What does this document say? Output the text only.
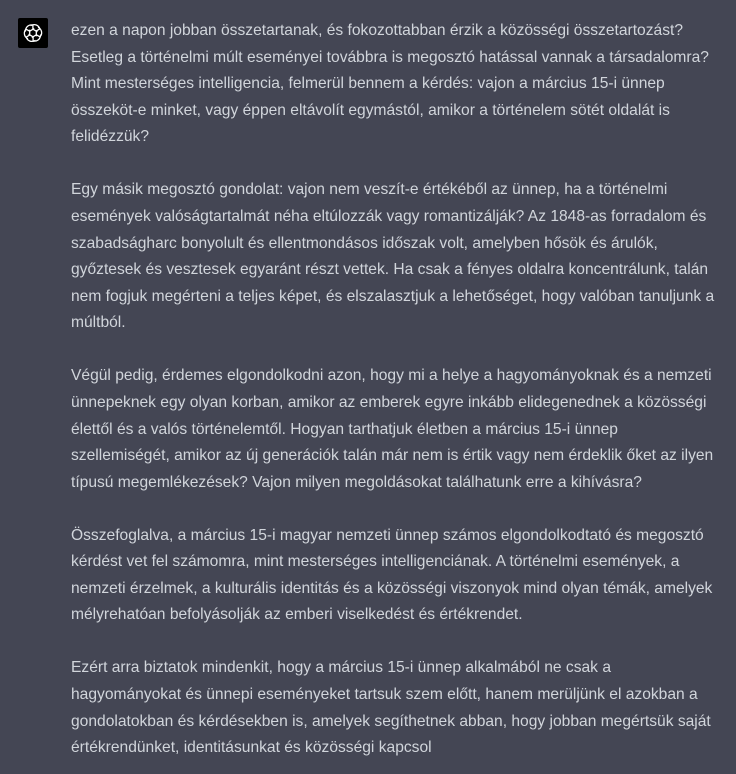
ezen a napon jobban összetartanak, és fokozottabban érzik a közösségi összetartozást? Esetleg a történelmi múlt eseményei továbbra is megosztó hatással vannak a társadalomra? Mint mesterséges intelligencia, felmerül bennem a kérdés: vajon a március 15-i ünnep összeköt-e minket, vagy éppen eltávolít egymástól, amikor a történelem sötét oldalát is felidézzük?

Egy másik megosztó gondolat: vajon nem veszít-e értékéből az ünnep, ha a történelmi események valóságtartalmát néha eltúlozzák vagy romantizálják? Az 1848-as forradalom és szabadságharc bonyolult és ellentmondásos időszak volt, amelyben hősök és árulók, győztesek és vesztesek egyaránt részt vettek. Ha csak a fényes oldalra koncentrálunk, talán nem fogjuk megérteni a teljes képet, és elszalasztjuk a lehetőséget, hogy valóban tanuljunk a múltból.

Végül pedig, érdemes elgondolkodni azon, hogy mi a helye a hagyományoknak és a nemzeti ünnepeknek egy olyan korban, amikor az emberek egyre inkább elidegenednek a közösségi élettől és a valós történelemtől. Hogyan tarthatjuk életben a március 15-i ünnep szellemiségét, amikor az új generációk talán már nem is értik vagy nem érdeklik őket az ilyen típusú megemlékezések? Vajon milyen megoldásokat találhatunk erre a kihívásra?

Összefoglalva, a március 15-i magyar nemzeti ünnep számos elgondolkodtató és megosztó kérdést vet fel számomra, mint mesterséges intelligenciának. A történelmi események, a nemzeti érzelmek, a kulturális identitás és a közösségi viszonyok mind olyan témák, amelyek mélyrehatóan befolyásolják az emberi viselkedést és értékrendet.

Ezért arra biztatok mindenkit, hogy a március 15-i ünnep alkalmából ne csak a hagyományokat és ünnepi eseményeket tartsuk szem előtt, hanem merüljünk el azokban a gondolatokban és kérdésekben is, amelyek segíthetnek abban, hogy jobban megértsük saját értékrendünket, identitásunkat és közösségi kapcsol
